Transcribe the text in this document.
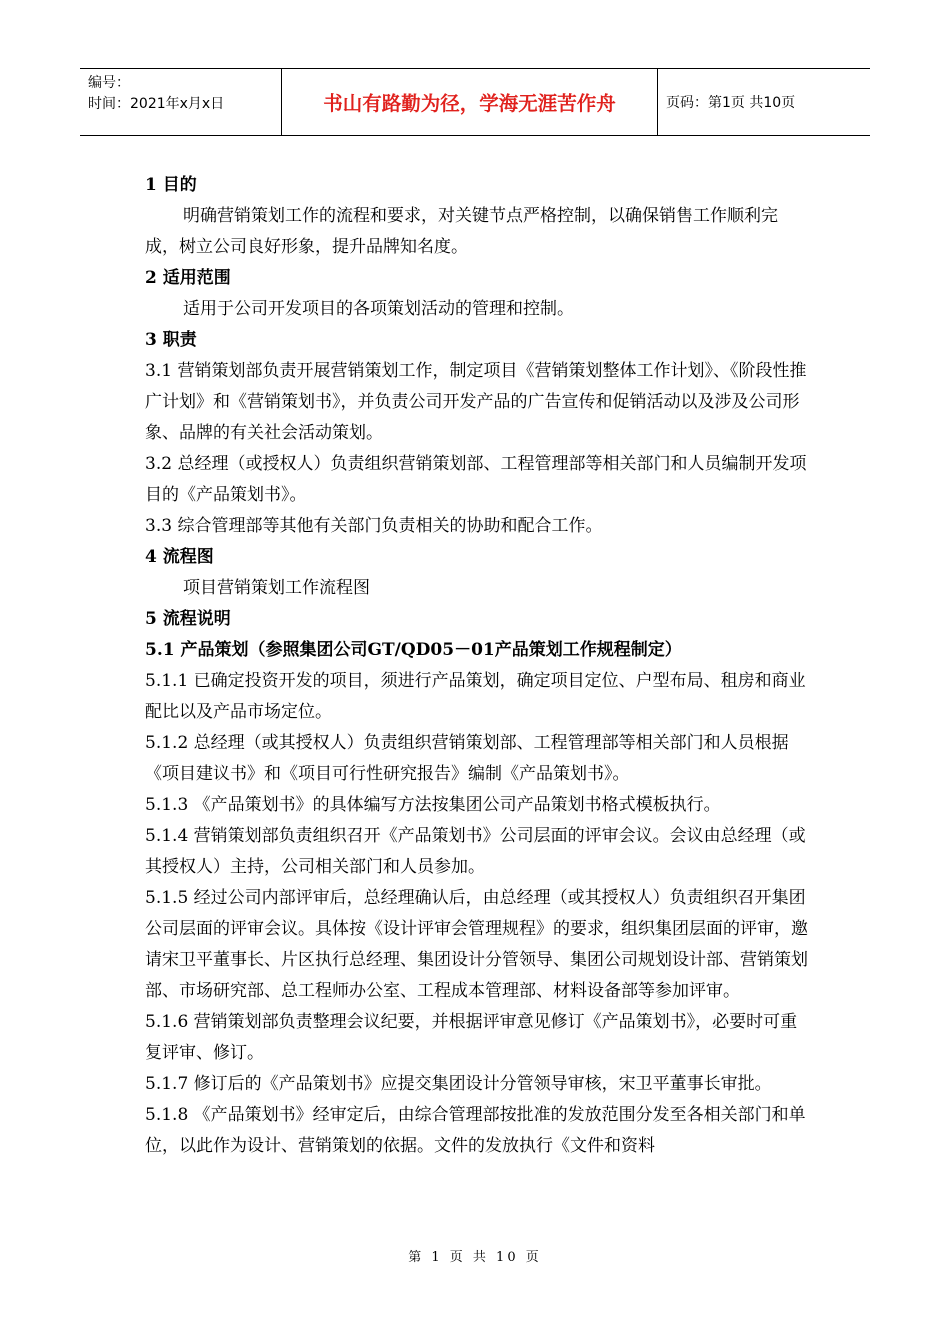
编号：
时间：2021年x月x日	书山有路勤为径，学海无涯苦作舟	页码：第1页 共10页

1 目的

明确营销策划工作的流程和要求，对关键节点严格控制，以确保销售工作顺利完成，树立公司良好形象，提升品牌知名度。

2 适用范围

适用于公司开发项目的各项策划活动的管理和控制。

3 职责

3.1 营销策划部负责开展营销策划工作，制定项目《营销策划整体工作计划》、《阶段性推广计划》和《营销策划书》，并负责公司开发产品的广告宣传和促销活动以及涉及公司形象、品牌的有关社会活动策划。

3.2 总经理（或授权人）负责组织营销策划部、工程管理部等相关部门和人员编制开发项目的《产品策划书》。

3.3 综合管理部等其他有关部门负责相关的协助和配合工作。

4 流程图

项目营销策划工作流程图

5 流程说明

5.1 产品策划（参照集团公司GT/QD05－01产品策划工作规程制定）

5.1.1 已确定投资开发的项目，须进行产品策划，确定项目定位、户型布局、租房和商业配比以及产品市场定位。

5.1.2 总经理（或其授权人）负责组织营销策划部、工程管理部等相关部门和人员根据《项目建议书》和《项目可行性研究报告》编制《产品策划书》。

5.1.3 《产品策划书》的具体编写方法按集团公司产品策划书格式模板执行。

5.1.4 营销策划部负责组织召开《产品策划书》公司层面的评审会议。会议由总经理（或其授权人）主持，公司相关部门和人员参加。

5.1.5 经过公司内部评审后，总经理确认后，由总经理（或其授权人）负责组织召开集团公司层面的评审会议。具体按《设计评审会管理规程》的要求，组织集团层面的评审，邀请宋卫平董事长、片区执行总经理、集团设计分管领导、集团公司规划设计部、营销策划部、市场研究部、总工程师办公室、工程成本管理部、材料设备部等参加评审。

5.1.6 营销策划部负责整理会议纪要，并根据评审意见修订《产品策划书》，必要时可重复评审、修订。

5.1.7 修订后的《产品策划书》应提交集团设计分管领导审核，宋卫平董事长审批。

5.1.8 《产品策划书》经审定后，由综合管理部按批准的发放范围分发至各相关部门和单位，以此作为设计、营销策划的依据。文件的发放执行《文件和资料

第 1 页 共 10 页
